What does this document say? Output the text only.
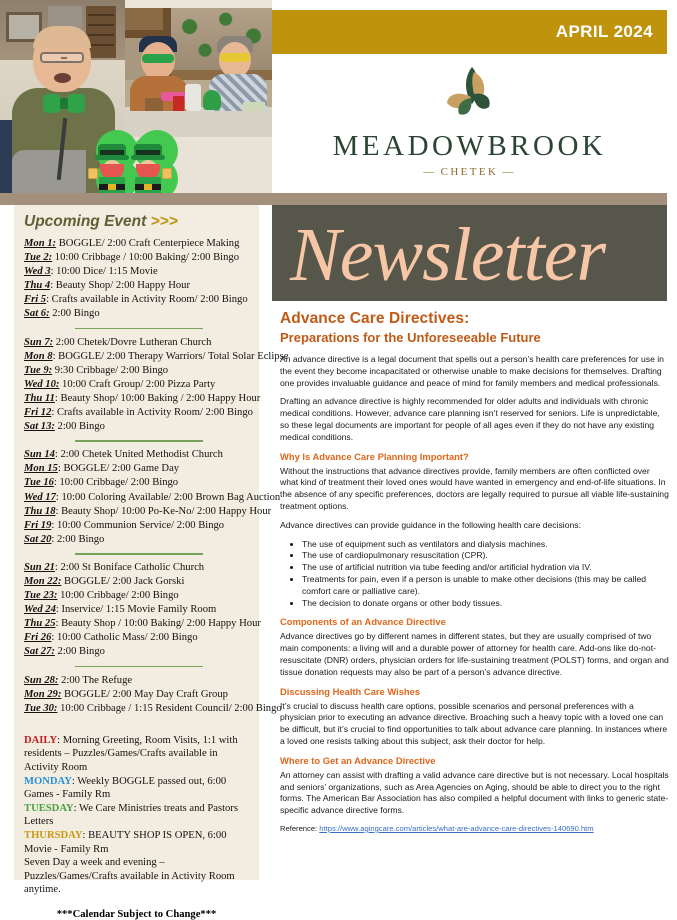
APRIL 2024
MEADOWBROOK
— CHETEK —
Upcoming Event >>>
Mon 1: BOGGLE/ 2:00 Craft Centerpiece Making
Tue 2: 10:00 Cribbage / 10:00 Baking/ 2:00 Bingo
Wed 3: 10:00 Dice/ 1:15 Movie
Thu 4: Beauty Shop/ 2:00 Happy Hour
Fri 5: Crafts available in Activity Room/ 2:00 Bingo
Sat 6: 2:00 Bingo
Sun 7: 2:00 Chetek/Dovre Lutheran Church
Mon 8: BOGGLE/ 2:00 Therapy Warriors/ Total Solar Eclipse
Tue 9: 9:30 Cribbage/ 2:00 Bingo
Wed 10: 10:00 Craft Group/ 2:00 Pizza Party
Thu 11: Beauty Shop/ 10:00 Baking / 2:00 Happy Hour
Fri 12: Crafts available in Activity Room/ 2:00 Bingo
Sat 13: 2:00 Bingo
Sun 14: 2:00 Chetek United Methodist Church
Mon 15: BOGGLE/ 2:00 Game Day
Tue 16: 10:00 Cribbage/ 2:00 Bingo
Wed 17: 10:00 Coloring Available/ 2:00 Brown Bag Auction
Thu 18: Beauty Shop/ 10:00 Po-Ke-No/ 2:00 Happy Hour
Fri 19: 10:00 Communion Service/ 2:00 Bingo
Sat 20: 2:00 Bingo
Sun 21: 2:00 St Boniface Catholic Church
Mon 22: BOGGLE/ 2:00 Jack Gorski
Tue 23: 10:00 Cribbage/ 2:00 Bingo
Wed 24: Inservice/ 1:15 Movie Family Room
Thu 25: Beauty Shop / 10:00 Baking/ 2:00 Happy Hour
Fri 26: 10:00 Catholic Mass/ 2:00 Bingo
Sat 27: 2:00 Bingo
Sun 28: 2:00 The Refuge
Mon 29: BOGGLE/ 2:00 May Day Craft Group
Tue 30: 10:00 Cribbage / 1:15 Resident Council/ 2:00 Bingo

DAILY: Morning Greeting, Room Visits, 1:1 with residents – Puzzles/Games/Crafts available in Activity Room

MONDAY: Weekly BOGGLE passed out, 6:00 Games - Family Rm

TUESDAY: We Care Ministries treats and Pastors Letters

THURSDAY: BEAUTY SHOP IS OPEN, 6:00 Movie - Family Rm

Seven Day a week and evening – Puzzles/Games/Crafts available in Activity Room anytime.

***Calendar Subject to Change***
Newsletter
Advance Care Directives:
Preparations for the Unforeseeable Future
An advance directive is a legal document that spells out a person’s health care preferences for use in the event they become incapacitated or otherwise unable to make decisions for themselves. Drafting one provides invaluable guidance and peace of mind for family members and medical professionals.
Drafting an advance directive is highly recommended for older adults and individuals with chronic medical conditions. However, advance care planning isn’t reserved for seniors. Life is unpredictable, so these legal documents are important for people of all ages even if they do not have any existing medical conditions.
Why Is Advance Care Planning Important?
Without the instructions that advance directives provide, family members are often conflicted over what kind of treatment their loved ones would have wanted in emergency and end-of-life situations. In the absence of any specific preferences, doctors are legally required to pursue all viable life-sustaining treatment options.
Advance directives can provide guidance in the following health care decisions:
• The use of equipment such as ventilators and dialysis machines.
• The use of cardiopulmonary resuscitation (CPR).
• The use of artificial nutrition via tube feeding and/or artificial hydration via IV.
• Treatments for pain, even if a person is unable to make other decisions (this may be called comfort care or palliative care).
• The decision to donate organs or other body tissues.
Components of an Advance Directive
Advance directives go by different names in different states, but they are usually comprised of two main components: a living will and a durable power of attorney for health care. Add-ons like do-not-resuscitate (DNR) orders, physician orders for life-sustaining treatment (POLST) forms, and organ and tissue donation requests may also be part of a person’s advance directive.
Discussing Health Care Wishes
It’s crucial to discuss health care options, possible scenarios and personal preferences with a physician prior to executing an advance directive. Broaching such a heavy topic with a loved one can be difficult, but it’s crucial to find opportunities to talk about advance care planning. In instances where a loved one resists talking about this subject, ask their doctor for help.
Where to Get an Advance Directive
An attorney can assist with drafting a valid advance care directive but is not necessary. Local hospitals and seniors’ organizations, such as Area Agencies on Aging, should be able to direct you to the right forms. The American Bar Association has also compiled a helpful document with links to generic state-specific advance directive forms.
Reference: https://www.agingcare.com/articles/what-are-advance-care-directives-140690.htm
